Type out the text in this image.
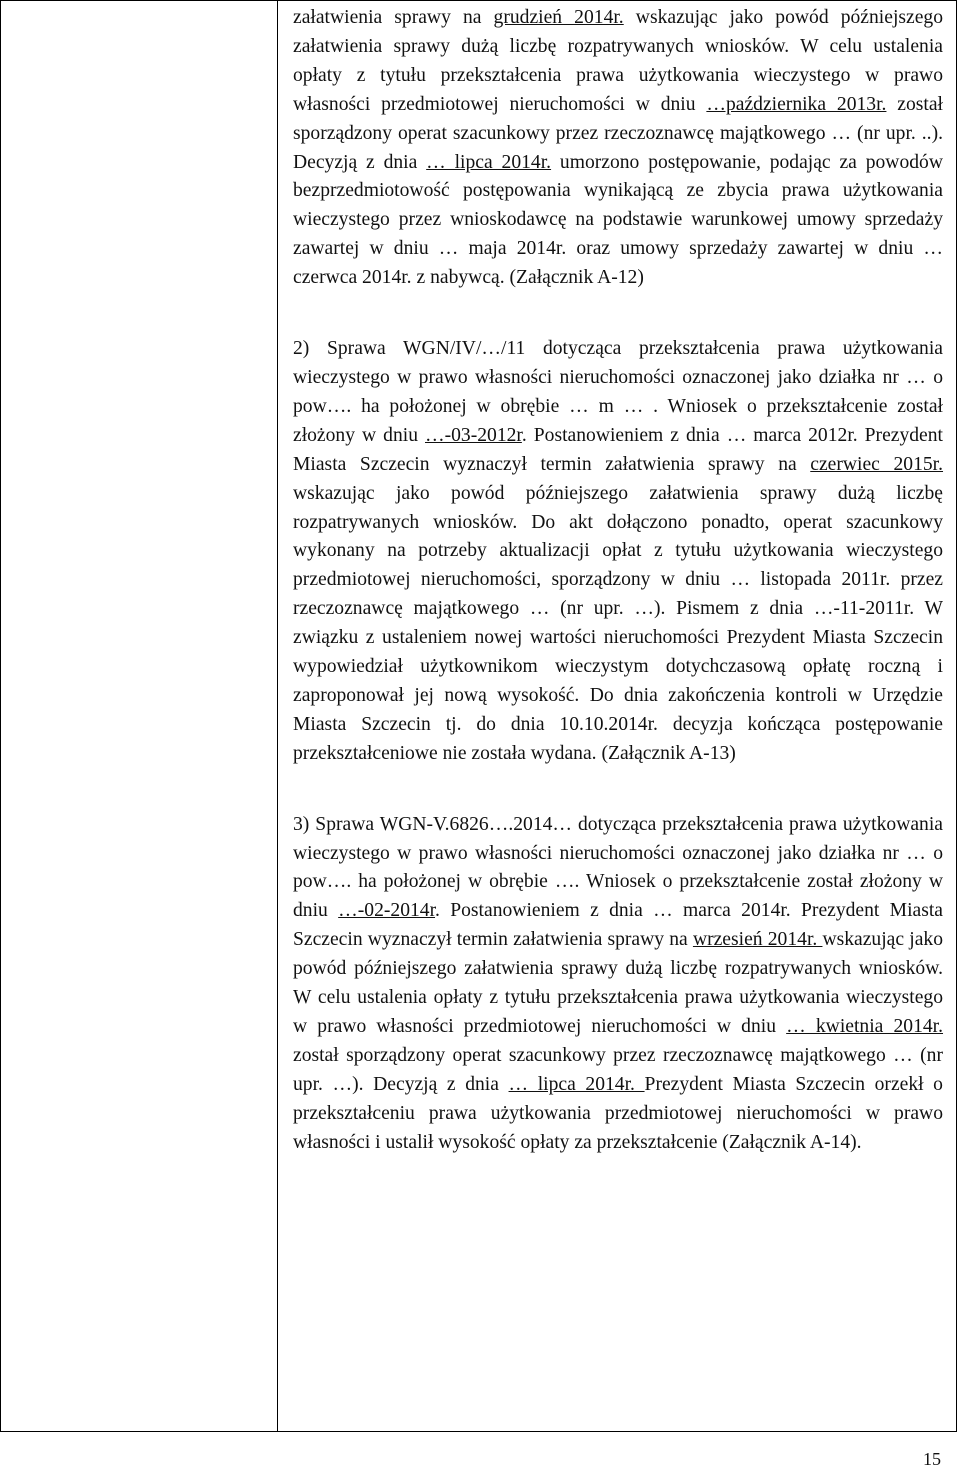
załatwienia sprawy na grudzień 2014r. wskazując jako powód późniejszego załatwienia sprawy dużą liczbę rozpatrywanych wniosków. W celu ustalenia opłaty z tytułu przekształcenia prawa użytkowania wieczystego w prawo własności przedmiotowej nieruchomości w dniu …października 2013r. został sporządzony operat szacunkowy przez rzeczoznawcę majątkowego … (nr upr. ..). Decyzją z dnia … lipca 2014r. umorzono postępowanie, podając za powodów bezprzedmiotowość postępowania wynikającą ze zbycia prawa użytkowania wieczystego przez wnioskodawcę na podstawie warunkowej umowy sprzedaży zawartej w dniu … maja 2014r. oraz umowy sprzedaży zawartej w dniu …czerwca 2014r. z nabywcą. (Załącznik A-12)

2) Sprawa WGN/IV/…/11 dotycząca przekształcenia prawa użytkowania wieczystego w prawo własności nieruchomości oznaczonej jako działka nr … o pow…. ha położonej w obrębie … m … . Wniosek o przekształcenie został złożony w dniu …-03-2012r. Postanowieniem z dnia … marca 2012r. Prezydent Miasta Szczecin wyznaczył termin załatwienia sprawy na czerwiec 2015r. wskazując jako powód późniejszego załatwienia sprawy dużą liczbę rozpatrywanych wniosków. Do akt dołączono ponadto, operat szacunkowy wykonany na potrzeby aktualizacji opłat z tytułu użytkowania wieczystego przedmiotowej nieruchomości, sporządzony w dniu … listopada 2011r. przez rzeczoznawcę majątkowego … (nr upr. …). Pismem z dnia …-11-2011r. W związku z ustaleniem nowej wartości nieruchomości Prezydent Miasta Szczecin wypowiedział użytkownikom wieczystym dotychczasową opłatę roczną i zaproponował jej nową wysokość. Do dnia zakończenia kontroli w Urzędzie Miasta Szczecin tj. do dnia 10.10.2014r. decyzja kończąca postępowanie przekształceniowe nie została wydana. (Załącznik A-13)

3) Sprawa WGN-V.6826….2014… dotycząca przekształcenia prawa użytkowania wieczystego w prawo własności nieruchomości oznaczonej jako działka nr … o pow…. ha położonej w obrębie …. Wniosek o przekształcenie został złożony w dniu …-02-2014r. Postanowieniem z dnia … marca 2014r. Prezydent Miasta Szczecin wyznaczył termin załatwienia sprawy na wrzesień 2014r. wskazując jako powód późniejszego załatwienia sprawy dużą liczbę rozpatrywanych wniosków. W celu ustalenia opłaty z tytułu przekształcenia prawa użytkowania wieczystego w prawo własności przedmiotowej nieruchomości w dniu … kwietnia 2014r. został sporządzony operat szacunkowy przez rzeczoznawcę majątkowego … (nr upr. …). Decyzją z dnia … lipca 2014r. Prezydent Miasta Szczecin orzekł o przekształceniu prawa użytkowania przedmiotowej nieruchomości w prawo własności i ustalił wysokość opłaty za przekształcenie (Załącznik A-14).

15
